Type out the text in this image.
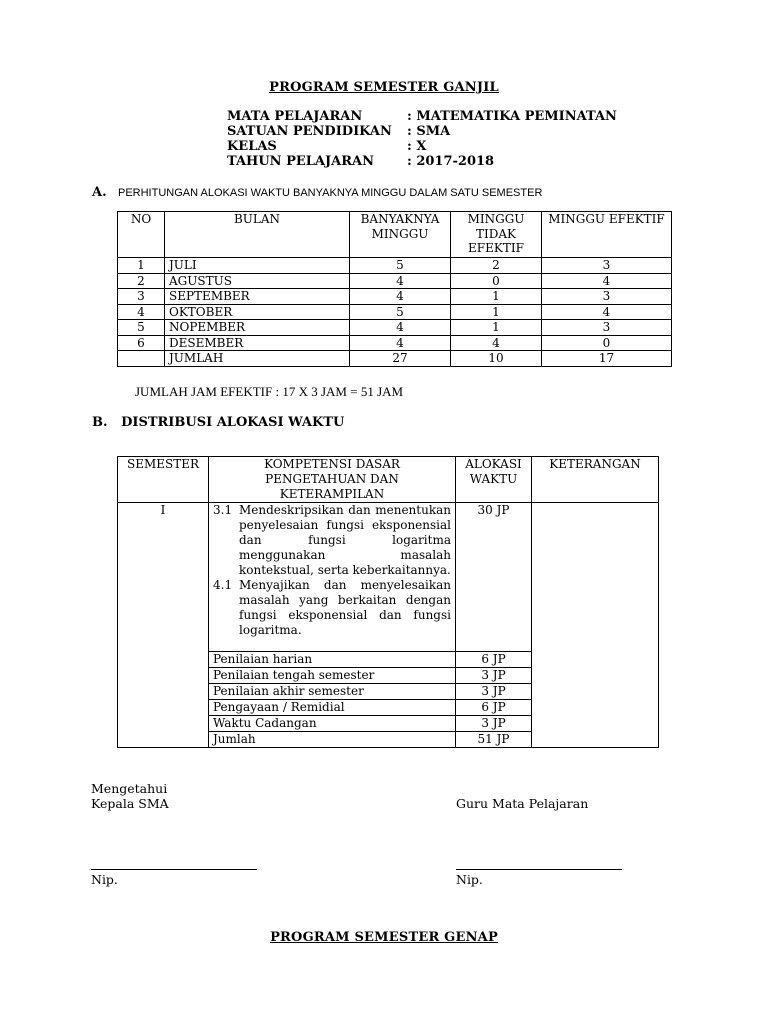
PROGRAM SEMESTER GANJIL
MATA PELAJARAN	: MATEMATIKA PEMINATAN
SATUAN PENDIDIKAN	: SMA
KELAS	: X
TAHUN PELAJARAN	: 2017-2018
A.	PERHITUNGAN ALOKASI WAKTU BANYAKNYA MINGGU DALAM SATU SEMESTER
NO	BULAN	BANYAKNYA MINGGU	MINGGU TIDAK EFEKTIF	MINGGU EFEKTIF
1	JULI	5	2	3
2	AGUSTUS	4	0	4
3	SEPTEMBER	4	1	3
4	OKTOBER	5	1	4
5	NOPEMBER	4	1	3
6	DESEMBER	4	4	0
	JUMLAH	27	10	17
JUMLAH JAM EFEKTIF : 17 X 3 JAM = 51 JAM
B.   DISTRIBUSI ALOKASI WAKTU
SEMESTER	KOMPETENSI DASAR PENGETAHUAN DAN KETERAMPILAN	ALOKASI WAKTU	KETERANGAN
I	3.1 Mendeskripsikan dan menentukan penyelesaian fungsi eksponensial dan fungsi logaritma menggunakan masalah kontekstual, serta keberkaitannya.
4.1 Menyajikan dan menyelesaikan masalah yang berkaitan dengan fungsi eksponensial dan fungsi logaritma.	30 JP	
	Penilaian harian	6 JP	
	Penilaian tengah semester	3 JP	
	Penilaian akhir semester	3 JP	
	Pengayaan / Remidial	6 JP	
	Waktu Cadangan	3 JP	
	Jumlah	51 JP	
Mengetahui
Kepala SMA	Guru Mata Pelajaran
Nip.	Nip.
PROGRAM SEMESTER GENAP
